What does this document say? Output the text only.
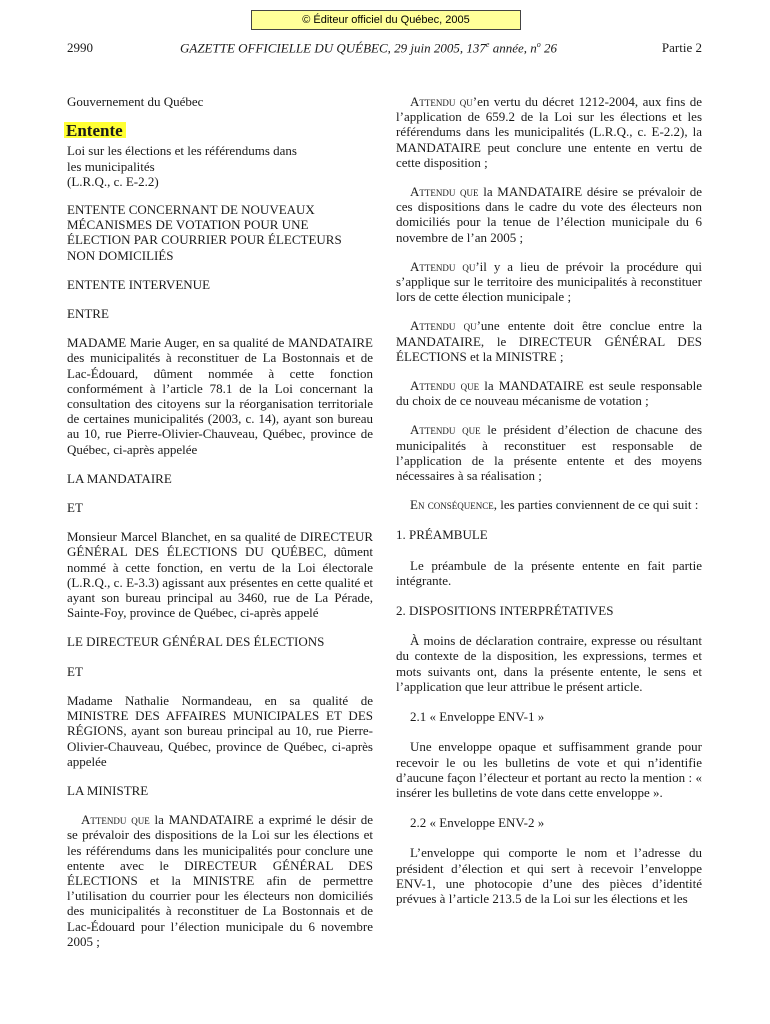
© Éditeur officiel du Québec, 2005
2990	GAZETTE OFFICIELLE DU QUÉBEC, 29 juin 2005, 137e année, $n^o$ 26	Partie 2

Gouvernement du Québec

Entente

Loi sur les élections et les référendums dans

les municipalités

(L.R.Q., c. E-2.2)

ENTENTE CONCERNANT DE NOUVEAUX

MÉCANISMES DE VOTATION POUR UNE

ÉLECTION PAR COURRIER POUR ÉLECTEURS

NON DOMICILIÉS

ENTENTE INTERVENUE

ENTRE

MADAME Marie Auger, en sa qualité de MANDATAIRE des municipalités à reconstituer de La Bostonnais et de Lac-Édouard, dûment nommée à cette fonction conformément à l’article 78.1 de la Loi concernant la consultation des citoyens sur la réorganisation territoriale de certaines municipalités (2003, c. 14), ayant son bureau au 10, rue Pierre-Olivier-Chauveau, Québec, province de Québec, ci-après appelée

LA MANDATAIRE

ET

Monsieur Marcel Blanchet, en sa qualité de DIRECTEUR GÉNÉRAL DES ÉLECTIONS DU QUÉBEC, dûment nommé à cette fonction, en vertu de la Loi électorale (L.R.Q., c. E-3.3) agissant aux présentes en cette qualité et ayant son bureau principal au 3460, rue de La Pérade, Sainte-Foy, province de Québec, ci-après appelé

LE DIRECTEUR GÉNÉRAL DES ÉLECTIONS

ET

Madame Nathalie Normandeau, en sa qualité de MINISTRE DES AFFAIRES MUNICIPALES ET DES RÉGIONS, ayant son bureau principal au 10, rue Pierre-Olivier-Chauveau, Québec, province de Québec, ci-après appelée

LA MINISTRE

Attendu que la MANDATAIRE a exprimé le désir de se prévaloir des dispositions de la Loi sur les élections et les référendums dans les municipalités pour conclure une entente avec le DIRECTEUR GÉNÉRAL DES ÉLECTIONS et la MINISTRE afin de permettre l’utilisation du courrier pour les électeurs non domiciliés des municipalités à reconstituer de La Bostonnais et de Lac-Édouard pour l’élection municipale du 6 novembre 2005 ;

Attendu qu’en vertu du décret 1212-2004, aux fins de l’application de 659.2 de la Loi sur les élections et les référendums dans les municipalités (L.R.Q., c. E-2.2), la MANDATAIRE peut conclure une entente en vertu de cette disposition ;

Attendu que la MANDATAIRE désire se prévaloir de ces dispositions dans le cadre du vote des électeurs non domiciliés pour la tenue de l’élection municipale du 6 novembre de l’an 2005 ;

Attendu qu’il y a lieu de prévoir la procédure qui s’applique sur le territoire des municipalités à reconstituer lors de cette élection municipale ;

Attendu qu’une entente doit être conclue entre la MANDATAIRE, le DIRECTEUR GÉNÉRAL DES ÉLECTIONS et la MINISTRE ;

Attendu que la MANDATAIRE est seule responsable du choix de ce nouveau mécanisme de votation ;

Attendu que le président d’élection de chacune des municipalités à reconstituer est responsable de l’application de la présente entente et des moyens nécessaires à sa réalisation ;

En conséquence, les parties conviennent de ce qui suit :

1. PRÉAMBULE

Le préambule de la présente entente en fait partie intégrante.

2. DISPOSITIONS INTERPRÉTATIVES

À moins de déclaration contraire, expresse ou résultant du contexte de la disposition, les expressions, termes et mots suivants ont, dans la présente entente, le sens et l’application que leur attribue le présent article.

2.1 « Enveloppe ENV-1 »

Une enveloppe opaque et suffisamment grande pour recevoir le ou les bulletins de vote et qui n’identifie d’aucune façon l’électeur et portant au recto la mention : « insérer les bulletins de vote dans cette enveloppe ».

2.2 « Enveloppe ENV-2 »

L’enveloppe qui comporte le nom et l’adresse du président d’élection et qui sert à recevoir l’enveloppe ENV-1, une photocopie d’une des pièces d’identité prévues à l’article 213.5 de la Loi sur les élections et les
